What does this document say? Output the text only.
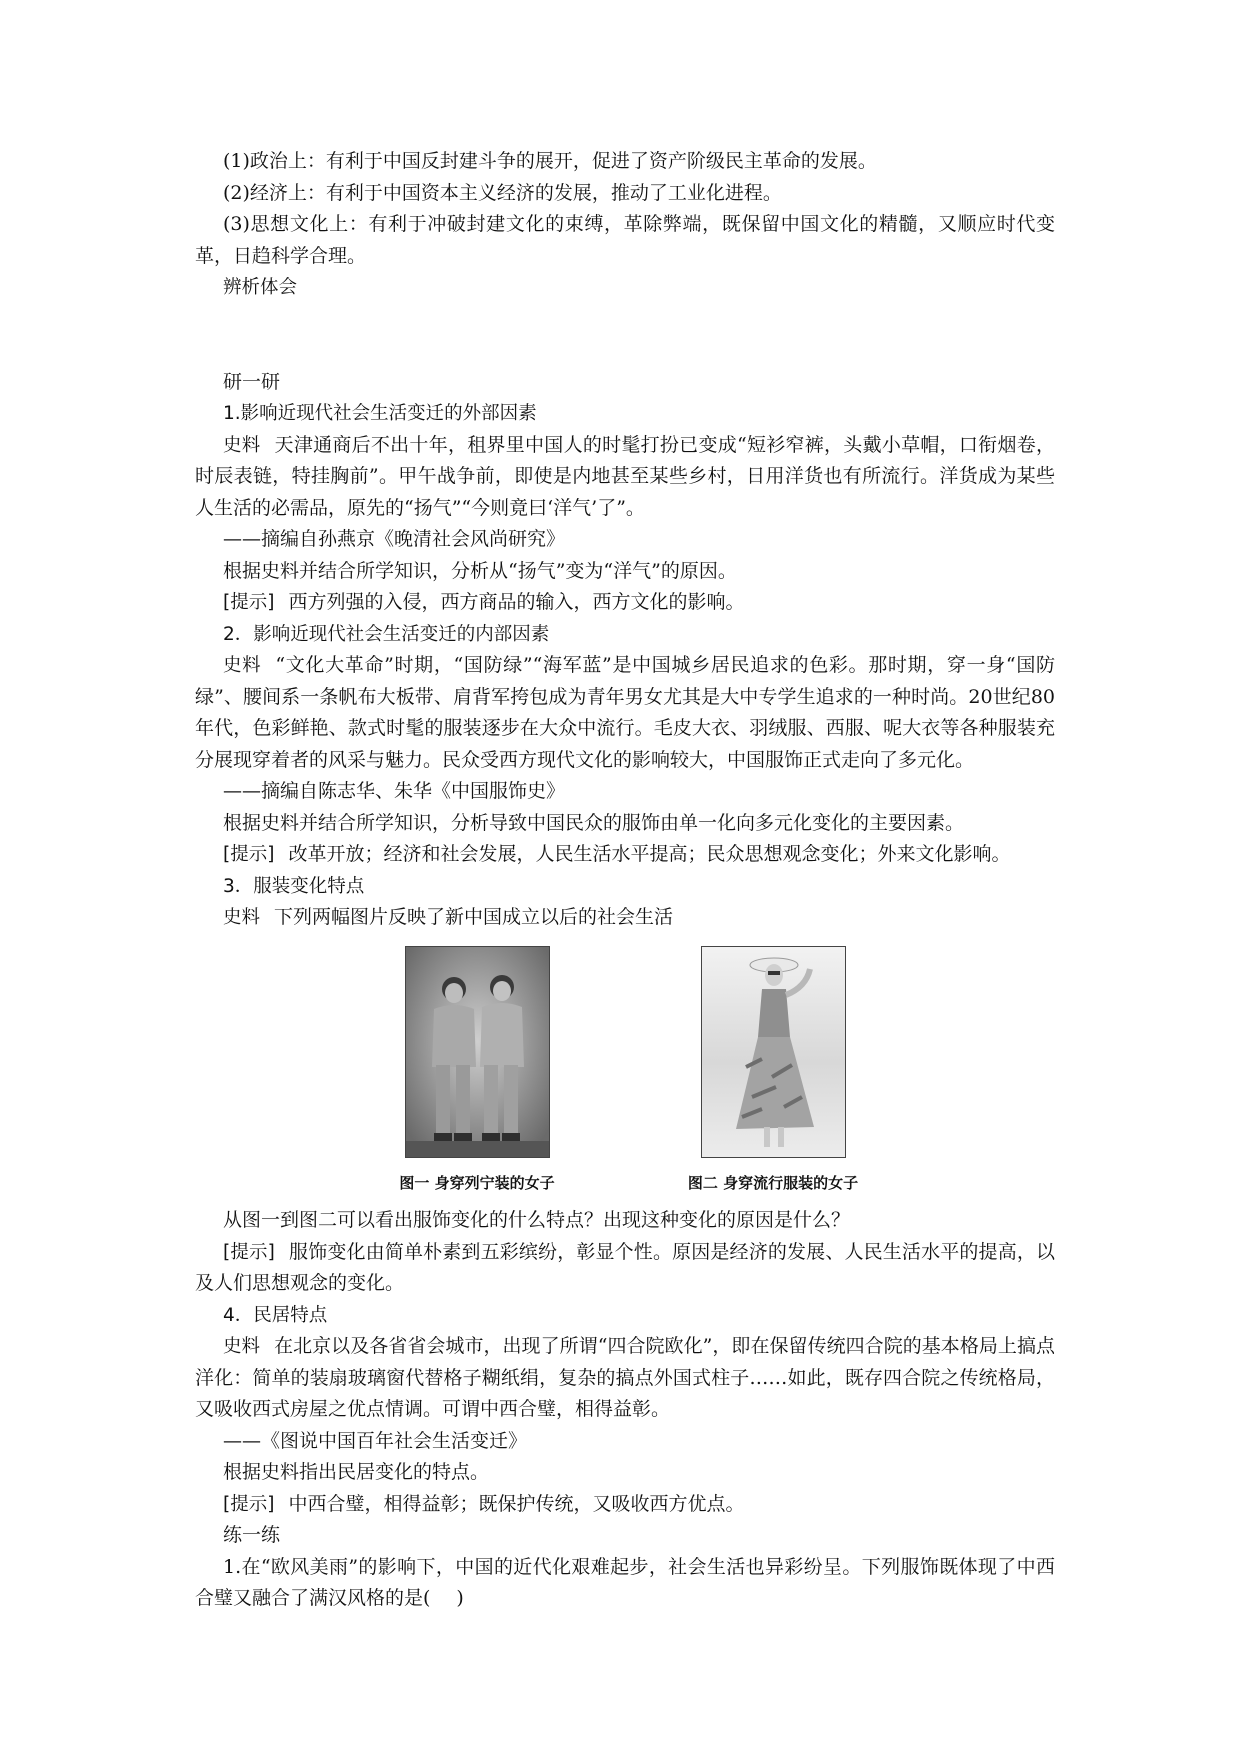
(1)政治上：有利于中国反封建斗争的展开，促进了资产阶级民主革命的发展。

(2)经济上：有利于中国资本主义经济的发展，推动了工业化进程。

(3)思想文化上：有利于冲破封建文化的束缚，革除弊端，既保留中国文化的精髓，又顺应时代变革，日趋科学合理。

辨析体会

研一研

1.影响近现代社会生活变迁的外部因素

史料 天津通商后不出十年，租界里中国人的时髦打扮已变成“短衫窄裤，头戴小草帽，口衔烟卷，时辰表链，特挂胸前”。甲午战争前，即使是内地甚至某些乡村，日用洋货也有所流行。洋货成为某些人生活的必需品，原先的“扬气”“今则竟曰‘洋气’了”。

——摘编自孙燕京《晚清社会风尚研究》

根据史料并结合所学知识，分析从“扬气”变为“洋气”的原因。

[提示] 西方列强的入侵，西方商品的输入，西方文化的影响。

2．影响近现代社会生活变迁的内部因素

史料 “文化大革命”时期，“国防绿”“海军蓝”是中国城乡居民追求的色彩。那时期，穿一身“国防绿”、腰间系一条帆布大板带、肩背军挎包成为青年男女尤其是大中专学生追求的一种时尚。20世纪80年代，色彩鲜艳、款式时髦的服装逐步在大众中流行。毛皮大衣、羽绒服、西服、呢大衣等各种服装充分展现穿着者的风采与魅力。民众受西方现代文化的影响较大，中国服饰正式走向了多元化。

——摘编自陈志华、朱华《中国服饰史》

根据史料并结合所学知识，分析导致中国民众的服饰由单一化向多元化变化的主要因素。

[提示] 改革开放；经济和社会发展，人民生活水平提高；民众思想观念变化；外来文化影响。

3．服装变化特点

史料 下列两幅图片反映了新中国成立以后的社会生活

图一 身穿列宁装的女子	图二 身穿流行服装的女子

从图一到图二可以看出服饰变化的什么特点？出现这种变化的原因是什么？

[提示] 服饰变化由简单朴素到五彩缤纷，彰显个性。原因是经济的发展、人民生活水平的提高，以及人们思想观念的变化。

4．民居特点

史料 在北京以及各省省会城市，出现了所谓“四合院欧化”，即在保留传统四合院的基本格局上搞点洋化：简单的装扇玻璃窗代替格子糊纸绢，复杂的搞点外国式柱子……如此，既存四合院之传统格局，又吸收西式房屋之优点情调。可谓中西合璧，相得益彰。

——《图说中国百年社会生活变迁》

根据史料指出民居变化的特点。

[提示] 中西合璧，相得益彰；既保护传统，又吸收西方优点。

练一练

1.在“欧风美雨”的影响下，中国的近代化艰难起步，社会生活也异彩纷呈。下列服饰既体现了中西合璧又融合了满汉风格的是( )
